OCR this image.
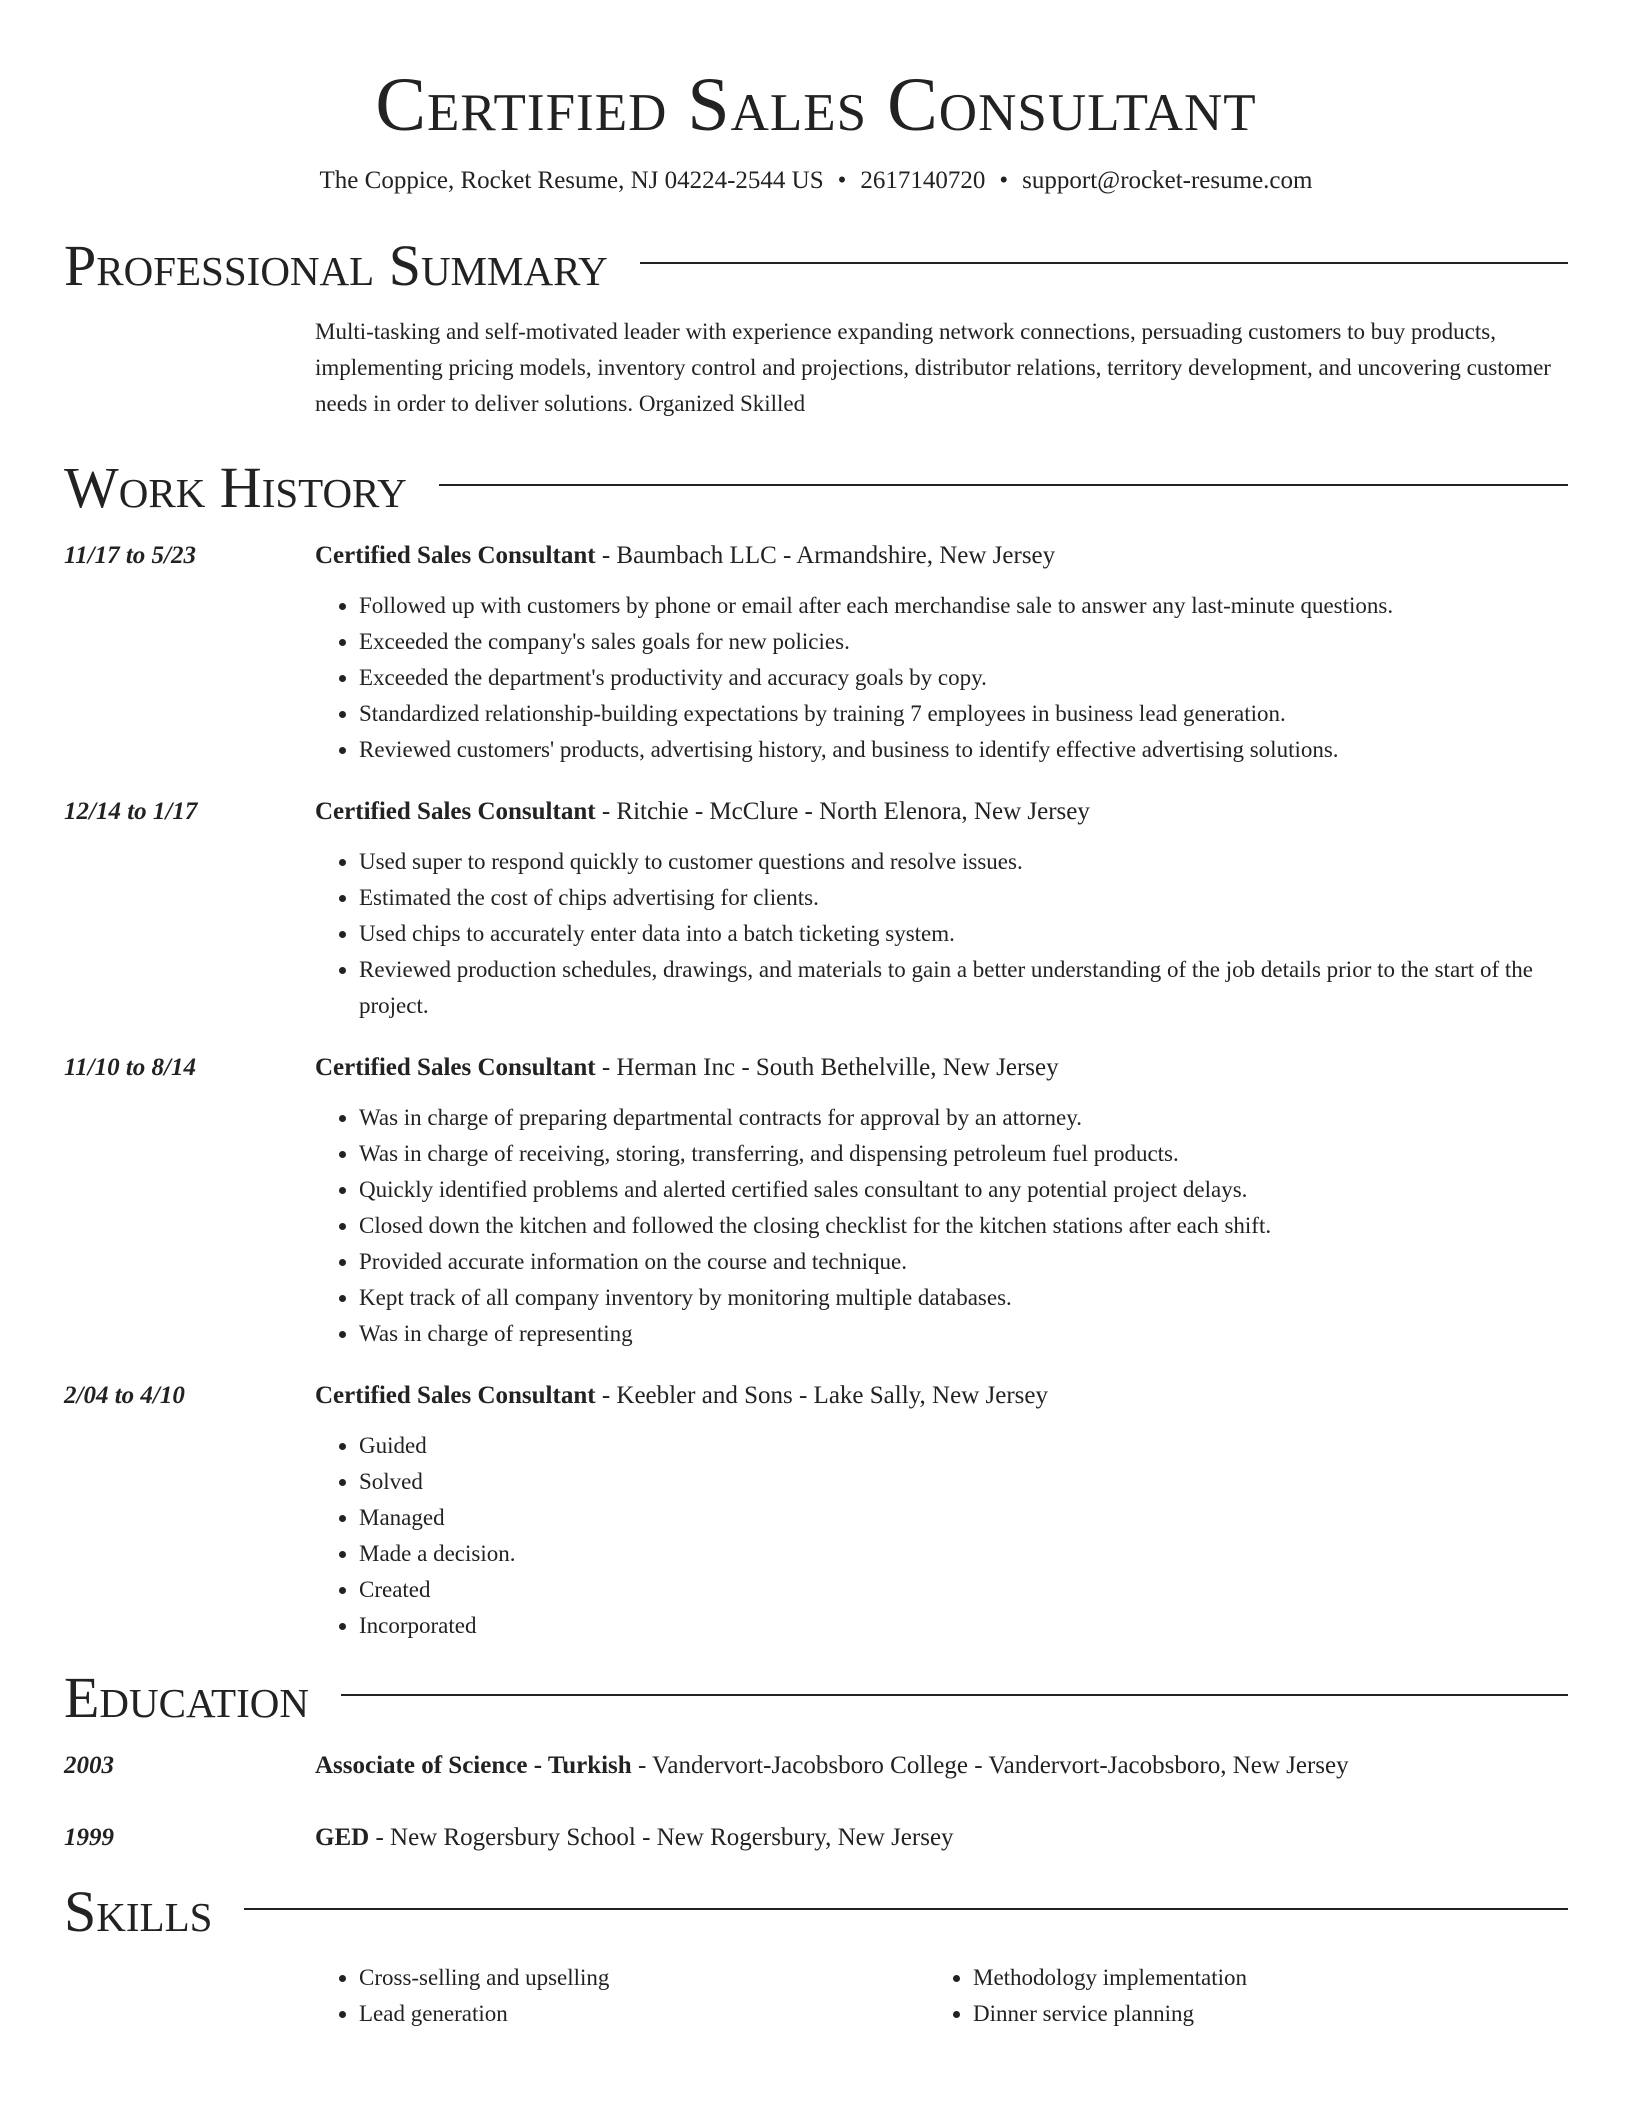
Certified Sales Consultant
The Coppice, Rocket Resume, NJ 04224-2544 US • 2617140720 • support@rocket-resume.com
Professional Summary
Multi-tasking and self-motivated leader with experience expanding network connections, persuading customers to buy products, implementing pricing models, inventory control and projections, distributor relations, territory development, and uncovering customer needs in order to deliver solutions. Organized Skilled
Work History
11/17 to 5/23	Certified Sales Consultant - Baumbach LLC - Armandshire, New Jersey
• Followed up with customers by phone or email after each merchandise sale to answer any last-minute questions.
• Exceeded the company's sales goals for new policies.
• Exceeded the department's productivity and accuracy goals by copy.
• Standardized relationship-building expectations by training 7 employees in business lead generation.
• Reviewed customers' products, advertising history, and business to identify effective advertising solutions.
12/14 to 1/17	Certified Sales Consultant - Ritchie - McClure - North Elenora, New Jersey
• Used super to respond quickly to customer questions and resolve issues.
• Estimated the cost of chips advertising for clients.
• Used chips to accurately enter data into a batch ticketing system.
• Reviewed production schedules, drawings, and materials to gain a better understanding of the job details prior to the start of the project.
11/10 to 8/14	Certified Sales Consultant - Herman Inc - South Bethelville, New Jersey
• Was in charge of preparing departmental contracts for approval by an attorney.
• Was in charge of receiving, storing, transferring, and dispensing petroleum fuel products.
• Quickly identified problems and alerted certified sales consultant to any potential project delays.
• Closed down the kitchen and followed the closing checklist for the kitchen stations after each shift.
• Provided accurate information on the course and technique.
• Kept track of all company inventory by monitoring multiple databases.
• Was in charge of representing
2/04 to 4/10	Certified Sales Consultant - Keebler and Sons - Lake Sally, New Jersey
• Guided
• Solved
• Managed
• Made a decision.
• Created
• Incorporated
Education
2003	Associate of Science - Turkish - Vandervort-Jacobsboro College - Vandervort-Jacobsboro, New Jersey
1999	GED - New Rogersbury School - New Rogersbury, New Jersey
Skills
• Cross-selling and upselling
• Lead generation
• Methodology implementation
• Dinner service planning
